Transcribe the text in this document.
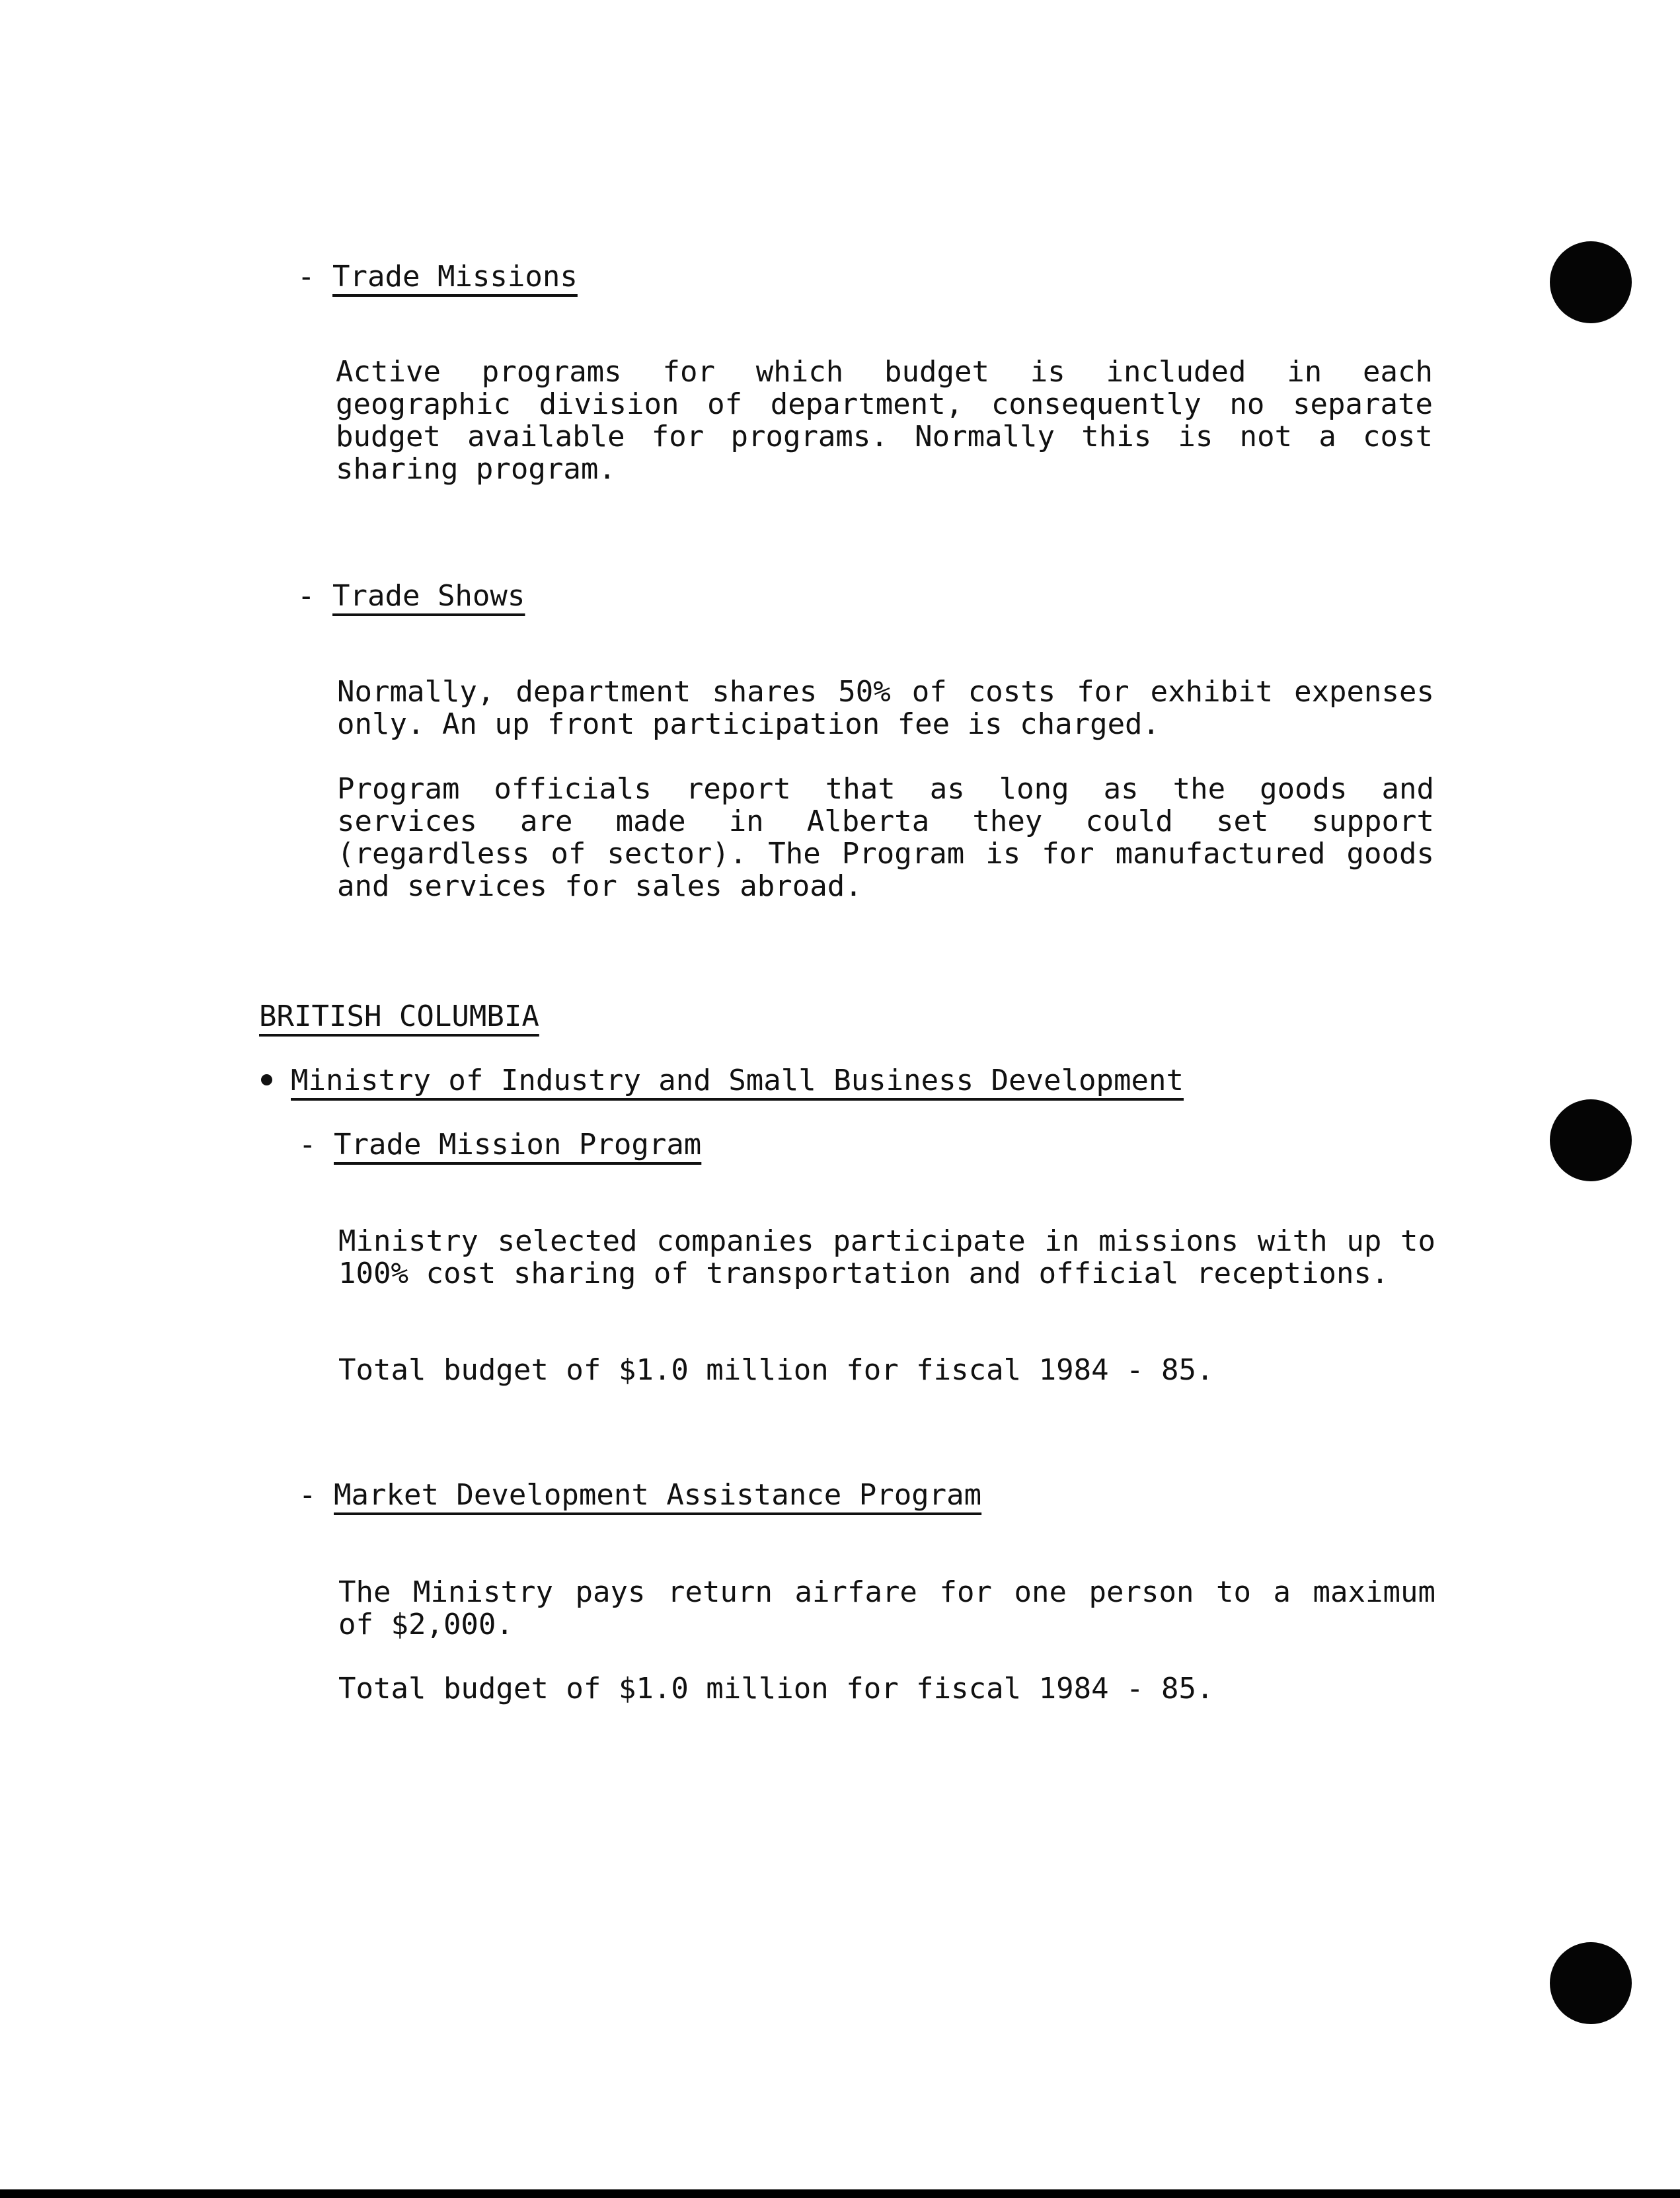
- Trade Missions
Active programs for which budget is included in each geographic division of department, consequently no separate budget available for programs. Normally this is not a cost sharing program.
- Trade Shows
Normally, department shares 50% of costs for exhibit expenses only. An up front participation fee is charged.
Program officials report that as long as the goods and services are made in Alberta they could set support (regardless of sector). The Program is for manufactured goods and services for sales abroad.
BRITISH COLUMBIA
Ministry of Industry and Small Business Development
- Trade Mission Program
Ministry selected companies participate in missions with up to 100% cost sharing of transportation and official receptions.
Total budget of $1.0 million for fiscal 1984 - 85.
- Market Development Assistance Program
The Ministry pays return airfare for one person to a maximum of $2,000.
Total budget of $1.0 million for fiscal 1984 - 85.
